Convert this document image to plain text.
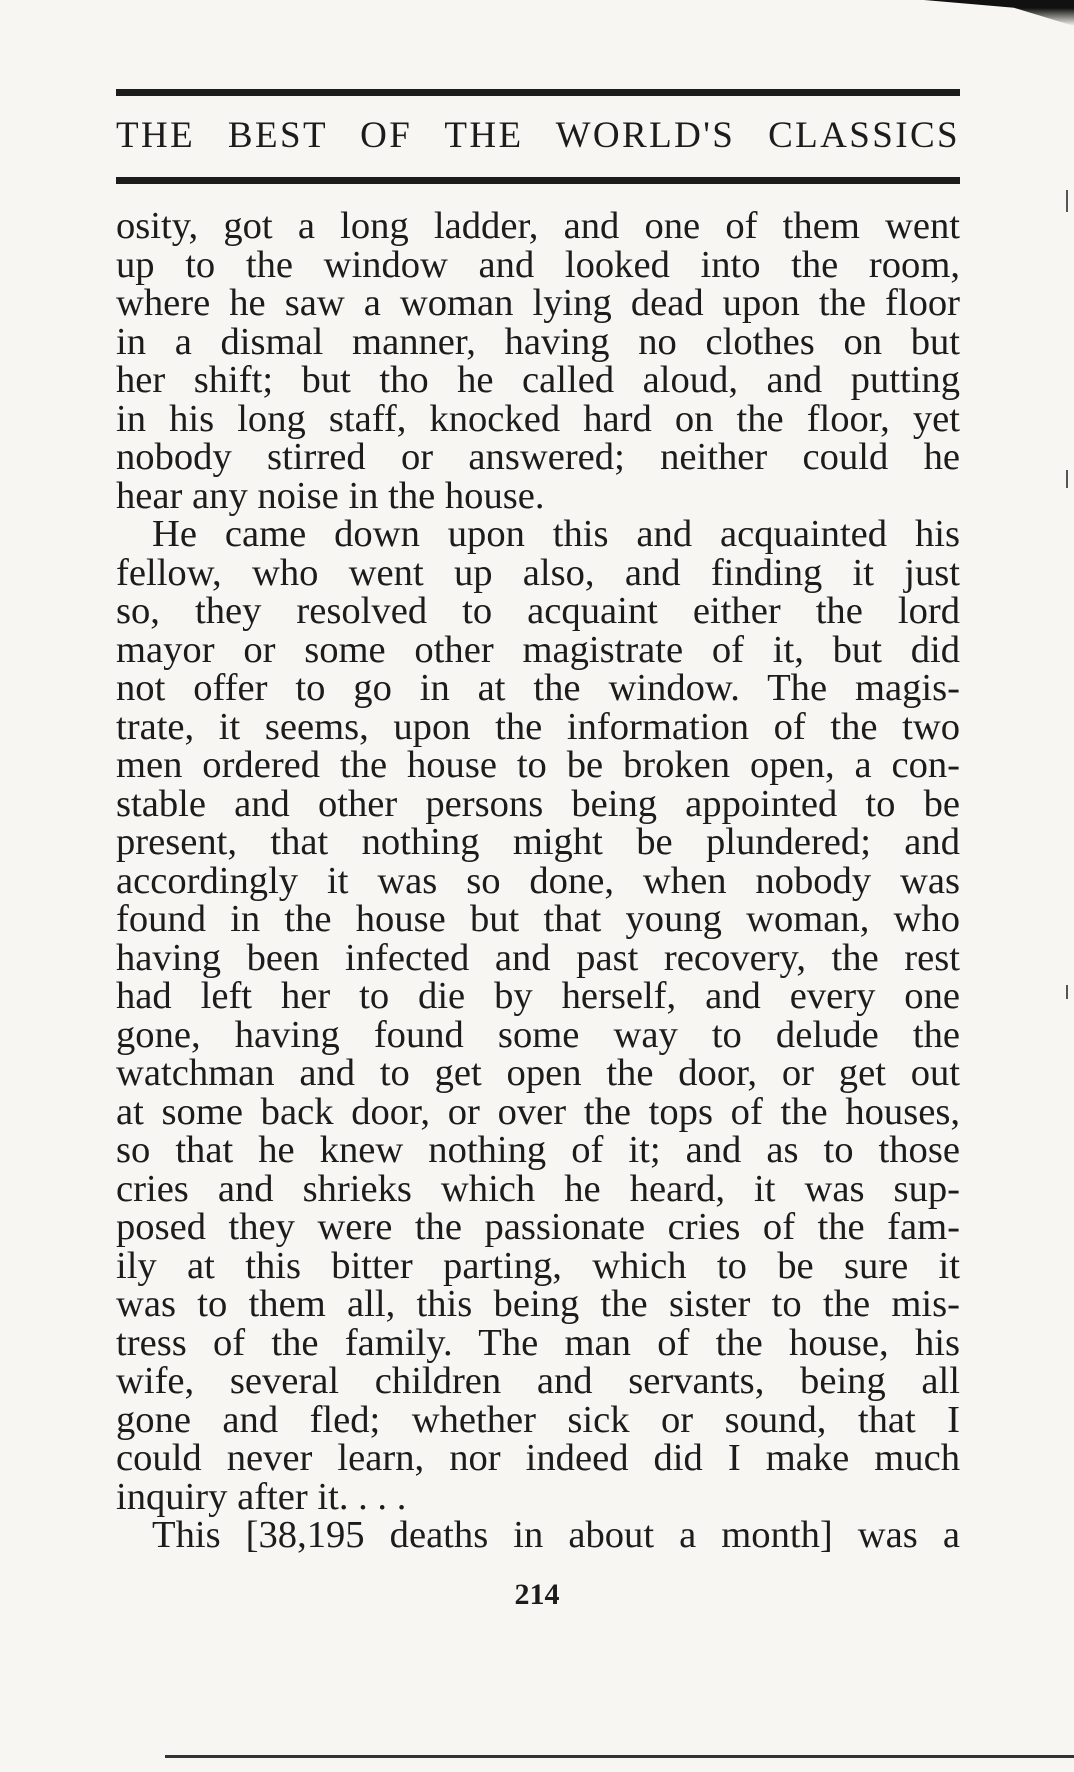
THE BEST OF THE WORLD'S CLASSICS
osity, got a long ladder, and one of them went
up to the window and looked into the room,
where he saw a woman lying dead upon the floor
in a dismal manner, having no clothes on but
her shift; but tho he called aloud, and putting
in his long staff, knocked hard on the floor, yet
nobody stirred or answered; neither could he
hear any noise in the house.
He came down upon this and acquainted his
fellow, who went up also, and finding it just
so, they resolved to acquaint either the lord
mayor or some other magistrate of it, but did
not offer to go in at the window. The magis-
trate, it seems, upon the information of the two
men ordered the house to be broken open, a con-
stable and other persons being appointed to be
present, that nothing might be plundered; and
accordingly it was so done, when nobody was
found in the house but that young woman, who
having been infected and past recovery, the rest
had left her to die by herself, and every one
gone, having found some way to delude the
watchman and to get open the door, or get out
at some back door, or over the tops of the houses,
so that he knew nothing of it; and as to those
cries and shrieks which he heard, it was sup-
posed they were the passionate cries of the fam-
ily at this bitter parting, which to be sure it
was to them all, this being the sister to the mis-
tress of the family. The man of the house, his
wife, several children and servants, being all
gone and fled; whether sick or sound, that I
could never learn, nor indeed did I make much
inquiry after it. . . .
This [38,195 deaths in about a month] was a
214
